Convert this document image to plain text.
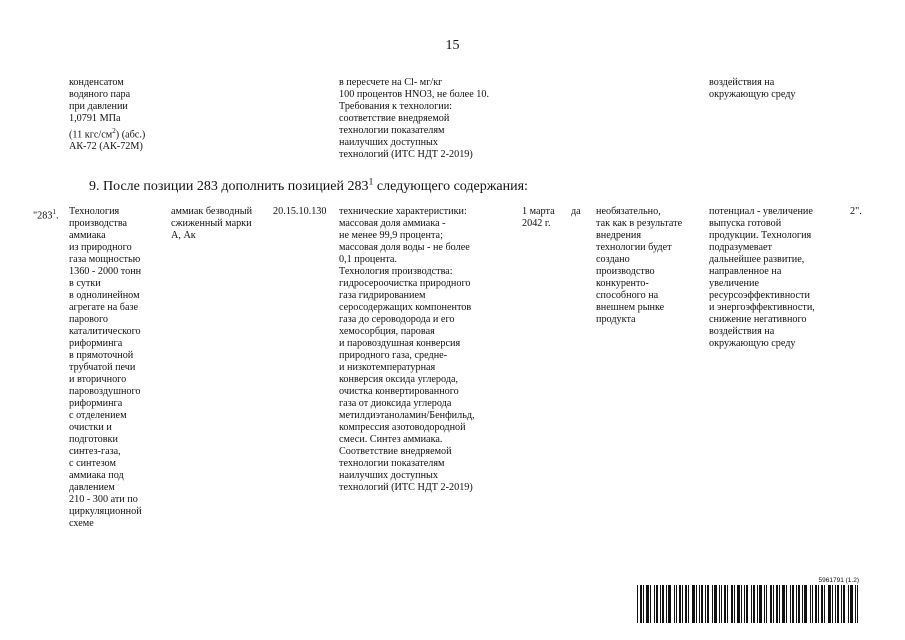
15
конденсатом
водяного пара
при давлении
1,0791 МПа
(11 кгс/$см^2$) (абс.)
АК-72 (АК-72М)
в пересчете на Cl- мг/кг
100 процентов HNO3, не более 10.
Требования к технологии:
соответствие внедряемой
технологии показателям
наилучших доступных
технологий (ИТС НДТ 2-2019)
воздействия на
окружающую среду
9. После позиции 283 дополнить позицией $283^1$ следующего содержания:
"$283^1$. Технология
производства
аммиака
из природного
газа мощностью
1360 - 2000 тонн
в сутки
в однолинейном
агрегате на базе
парового
каталитического
риформинга
в прямоточной
трубчатой печи
и вторичного
паровоздушного
риформинга
с отделением
очистки и
подготовки
синтез-газа,
с синтезом
аммиака под
давлением
210 - 300 ати по
циркуляционной
схеме
аммиак безводный
сжиженный марки
А, Ак
20.15.10.130 технические характеристики:
массовая доля аммиака -
не менее 99,9 процента;
массовая доля воды - не более
0,1 процента.
Технология производства:
гидросероочистка природного
газа гидрированием
серосодержащих компонентов
газа до сероводорода и его
хемосорбция, паровая
и паровоздушная конверсия
природного газа, средне-
и низкотемпературная
конверсия оксида углерода,
очистка конвертированного
газа от диоксида углерода
метилдиэтаноламин/Бенфильд,
компрессия азотоводородной
смеси. Синтез аммиака.
Соответствие внедряемой
технологии показателям
наилучших доступных
технологий (ИТС НДТ 2-2019)
1 марта
2042 г.
да необязательно,
так как в результате
внедрения
технологии будет
создано
производство
конкуренто-
способного на
внешнем рынке
продукта
потенциал - увеличение
выпуска готовой
продукции. Технология
подразумевает
дальнейшее развитие,
направленное на
увеличение
ресурсоэффективности
и энергоэффективности,
снижение негативного
воздействия на
окружающую среду
2".
5961791 (1.2)
